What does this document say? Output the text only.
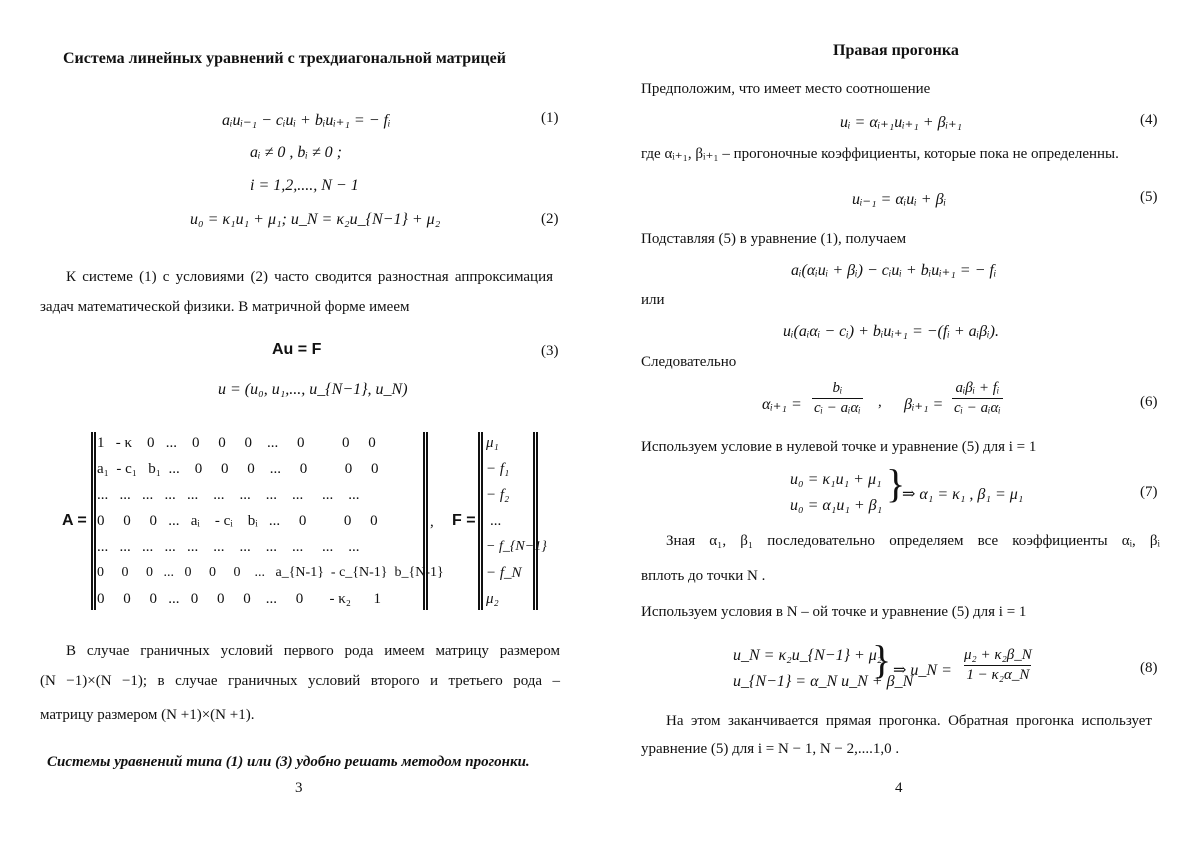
Система линейных уравнений с трехдиагональной матрицей
aᵢuᵢ₋₁ − cᵢuᵢ + bᵢuᵢ₊₁ = − fᵢ	(1)
aᵢ ≠ 0 , bᵢ ≠ 0 ;
i = 1,2,...., N − 1
u₀ = κ₁u₁ + μ₁; u_N = κ₂u_{N−1} + μ₂	(2)
К системе (1) с условиями (2) часто сводится разностная аппроксимация
задач математической физики. В матричной форме имеем
Au = F	(3)
u = (u₀, u₁,..., u_{N−1}, u_N)
A =
1   - κ    0   ...    0     0     0    ...     0          0     0
a₁  - c₁   b₁  ...    0     0     0    ...     0          0     0
...   ...   ...   ...   ...    ...    ...    ...    ...     ...    ...
0     0     0   ...   aᵢ    - cᵢ    bᵢ   ...     0          0     0
...   ...   ...   ...   ...    ...    ...    ...    ...     ...    ...
0     0     0   ...   0     0     0    ...   a_{N-1}  - c_{N-1}  b_{N-1}
0     0     0   ...   0     0     0    ...     0       - κ₂      1
, F =
μ₁
− f₁
− f₂
...
− f_{N−1}
− f_N
μ₂
В случае граничных условий первого рода имеем матрицу размером
(N −1)×(N −1); в случае граничных условий второго и третьего рода –
матрицу размером (N +1)×(N +1).
Системы уравнений типа (1) или (3) удобно решать методом прогонки.
3
Правая прогонка
Предположим, что имеет место соотношение
uᵢ = αᵢ₊₁uᵢ₊₁ + βᵢ₊₁	(4)
где αᵢ₊₁, βᵢ₊₁ – прогоночные коэффициенты, которые пока не определенны.
uᵢ₋₁ = αᵢuᵢ + βᵢ	(5)
Подставляя (5) в уравнение (1), получаем
aᵢ(αᵢuᵢ + βᵢ) − cᵢuᵢ + bᵢuᵢ₊₁ = − fᵢ
или
uᵢ(aᵢαᵢ − cᵢ) + bᵢuᵢ₊₁ = −(fᵢ + aᵢβᵢ).
Следовательно
αᵢ₊₁ =
bᵢ
cᵢ − aᵢαᵢ , βᵢ₊₁ =
aᵢβᵢ + fᵢ
cᵢ − aᵢαᵢ	(6)
Используем условие в нулевой точке и уравнение (5) для i = 1
u₀ = κ₁u₁ + μ₁
u₀ = α₁u₁ + β₁ }
⇒ α₁ = κ₁ , β₁ = μ₁	(7)
Зная α₁, β₁ последовательно определяем все коэффициенты αᵢ, βᵢ
вплоть до точки N .
Используем условия в N – ой точке и уравнение (5) для i = 1
u_N = κ₂u_{N−1} + μ₂
u_{N−1} = α_N u_N + β_N
} ⇒ u_N =
μ₂ + κ₂β_N
1 − κ₂α_N	(8)
На этом заканчивается прямая прогонка. Обратная прогонка использует
уравнение (5) для i = N − 1, N − 2,....1,0 .
4
